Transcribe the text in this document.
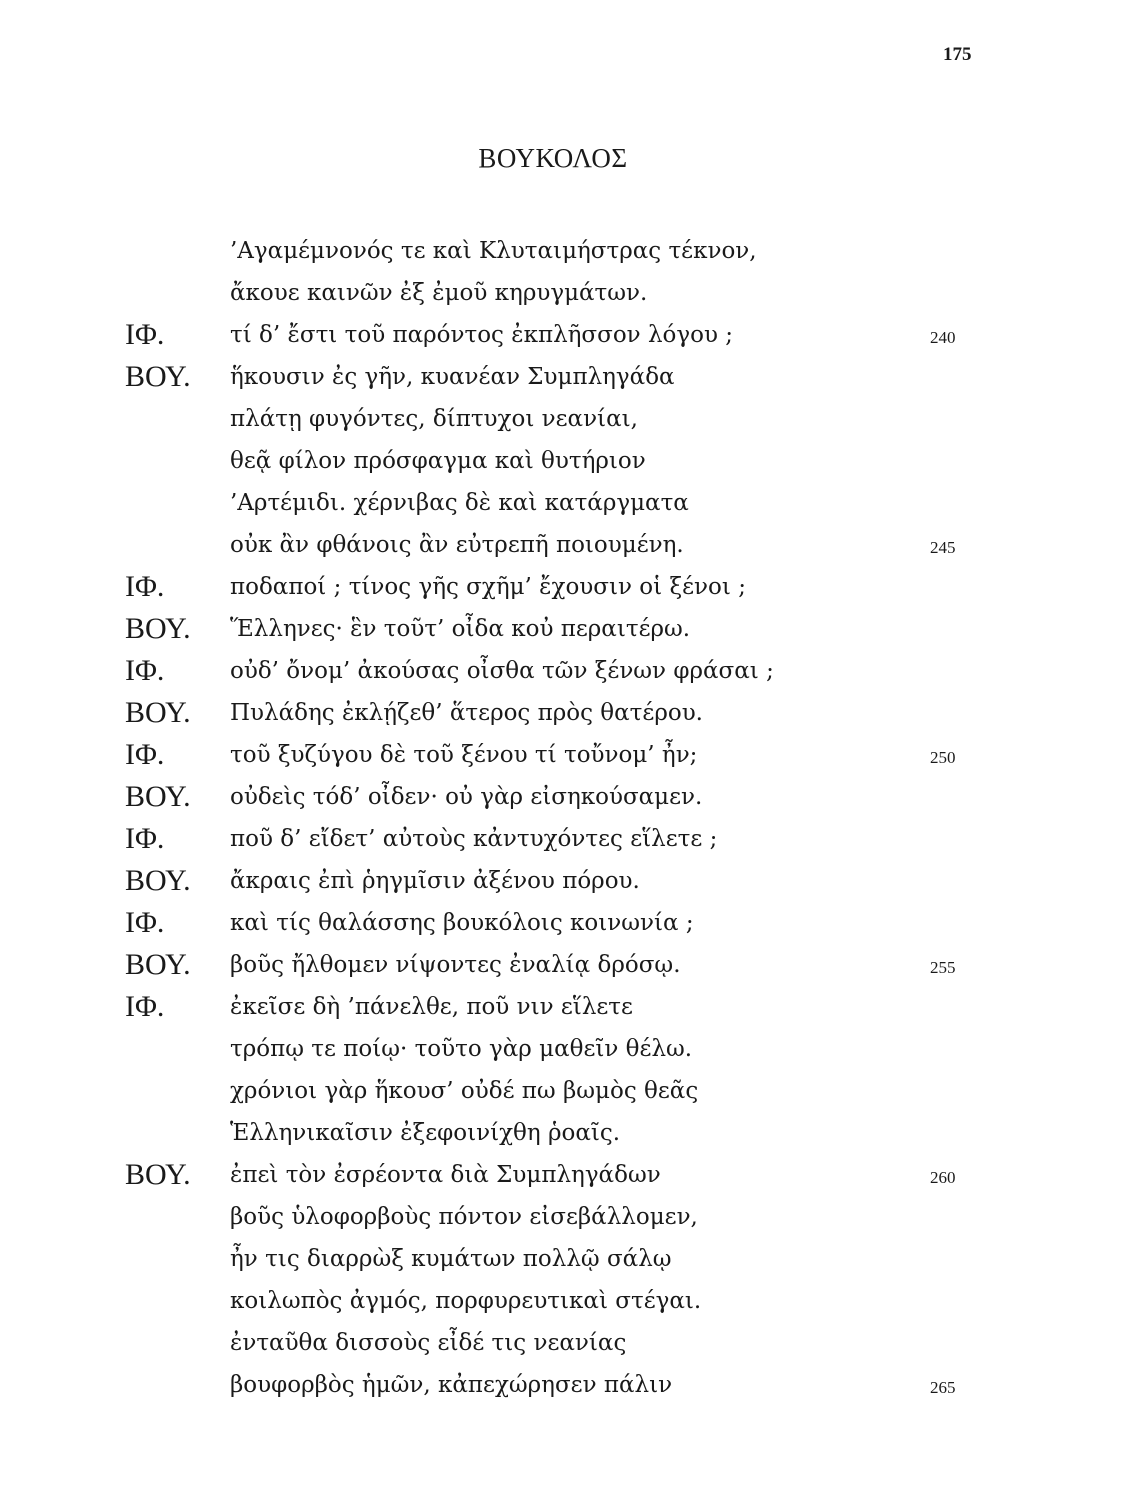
175
ΒΟΥΚΟΛΟΣ
’Αγαμέμνονός τε καὶ Κλυταιμήστρας τέκνον,
ἄκουε καινῶν ἐξ ἐμοῦ κηρυγμάτων.
ΙΦ.	τί δ’ ἔστι τοῦ παρόντος ἐκπλῆσσον λόγου ;	240
ΒΟΥ. ἥκουσιν ἐς γῆν, κυανέαν Συμπληγάδα
πλάτῃ φυγόντες, δίπτυχοι νεανίαι,
θεᾷ φίλον πρόσφαγμα καὶ θυτήριον
’Αρτέμιδι. χέρνιβας δὲ καὶ κατάργματα
οὐκ ἂν φθάνοις ἂν εὐτρεπῆ ποιουμένη.	245
ΙΦ.	ποδαποί ; τίνος γῆς σχῆμ’ ἔχουσιν οἱ ξένοι ;
ΒΟΥ. Ἕλληνες· ἓν τοῦτ’ οἶδα κοὐ περαιτέρω.
ΙΦ.	οὐδ’ ὄνομ’ ἀκούσας οἶσθα τῶν ξένων φράσαι ;
ΒΟΥ. Πυλάδης ἐκλῄζεθ’ ἅτερος πρὸς θατέρου.
ΙΦ.	τοῦ ξυζύγου δὲ τοῦ ξένου τί τοὔνομ’ ἦν;	250
ΒΟΥ. οὐδεὶς τόδ’ οἶδεν· οὐ γὰρ εἰσηκούσαμεν.
ΙΦ.	ποῦ δ’ εἴδετ’ αὐτοὺς κἀντυχόντες εἵλετε ;
ΒΟΥ. ἄκραις ἐπὶ ῥηγμῖσιν ἀξένου πόρου.
ΙΦ.	καὶ τίς θαλάσσης βουκόλοις κοινωνία ;
ΒΟΥ. βοῦς ἤλθομεν νίψοντες ἐναλίᾳ δρόσῳ.	255
ΙΦ.	ἐκεῖσε δὴ ’πάνελθε, ποῦ νιν εἵλετε
τρόπῳ τε ποίῳ· τοῦτο γὰρ μαθεῖν θέλω.
χρόνιοι γὰρ ἥκουσ’ οὐδέ πω βωμὸς θεᾶς
Ἑλληνικαῖσιν ἐξεφοινίχθη ῥοαῖς.
ΒΟΥ. ἐπεὶ τὸν ἐσρέοντα διὰ Συμπληγάδων	260
βοῦς ὑλοφορβοὺς πόντον εἰσεβάλλομεν,
ἦν τις διαρρὼξ κυμάτων πολλῷ σάλῳ
κοιλωπὸς ἀγμός, πορφυρευτικαὶ στέγαι.
ἐνταῦθα δισσοὺς εἶδέ τις νεανίας
βουφορβὸς ἡμῶν, κἀπεχώρησεν πάλιν	265
